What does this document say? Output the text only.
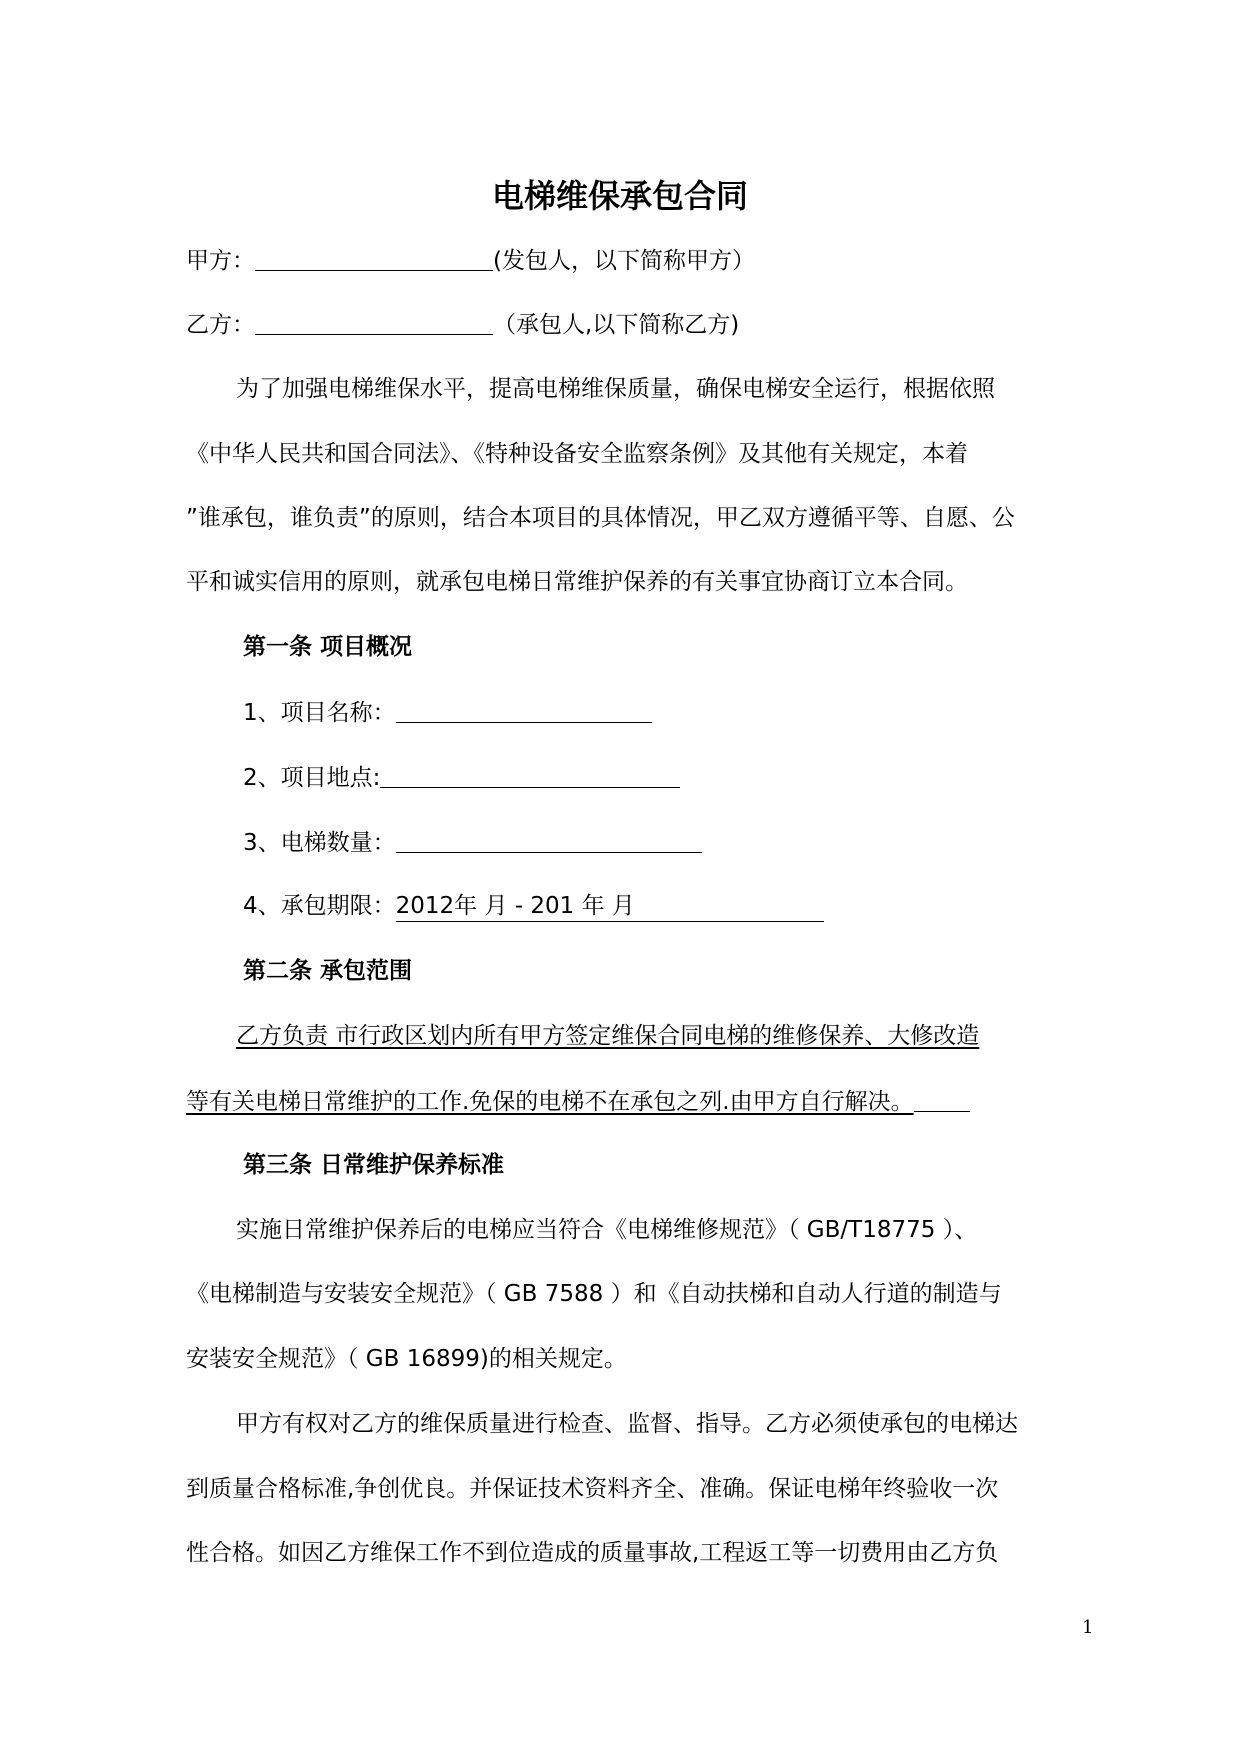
电梯维保承包合同
甲方：	(发包人，以下简称甲方）
乙方：	（承包人,以下简称乙方)
为了加强电梯维保水平，提高电梯维保质量，确保电梯安全运行，根据依照
《中华人民共和国合同法》、《特种设备安全监察条例》及其他有关规定，本着
”谁承包，谁负责”的原则，结合本项目的具体情况，甲乙双方遵循平等、自愿、公
平和诚实信用的原则，就承包电梯日常维护保养的有关事宜协商订立本合同。
第一条 项目概况
1、项目名称：
2、项目地点:
3、电梯数量：
4、承包期限：2012年 月 - 201 年 月
第二条 承包范围
乙方负责 市行政区划内所有甲方签定维保合同电梯的维修保养、大修改造
等有关电梯日常维护的工作.免保的电梯不在承包之列.由甲方自行解决。
第三条 日常维护保养标准
实施日常维护保养后的电梯应当符合《电梯维修规范》（ GB/T18775 ）、
《电梯制造与安装安全规范》（ GB 7588 ）和《自动扶梯和自动人行道的制造与
安装安全规范》（ GB 16899)的相关规定。
甲方有权对乙方的维保质量进行检查、监督、指导。乙方必须使承包的电梯达
到质量合格标准,争创优良。并保证技术资料齐全、准确。保证电梯年终验收一次
性合格。如因乙方维保工作不到位造成的质量事故,工程返工等一切费用由乙方负
1
